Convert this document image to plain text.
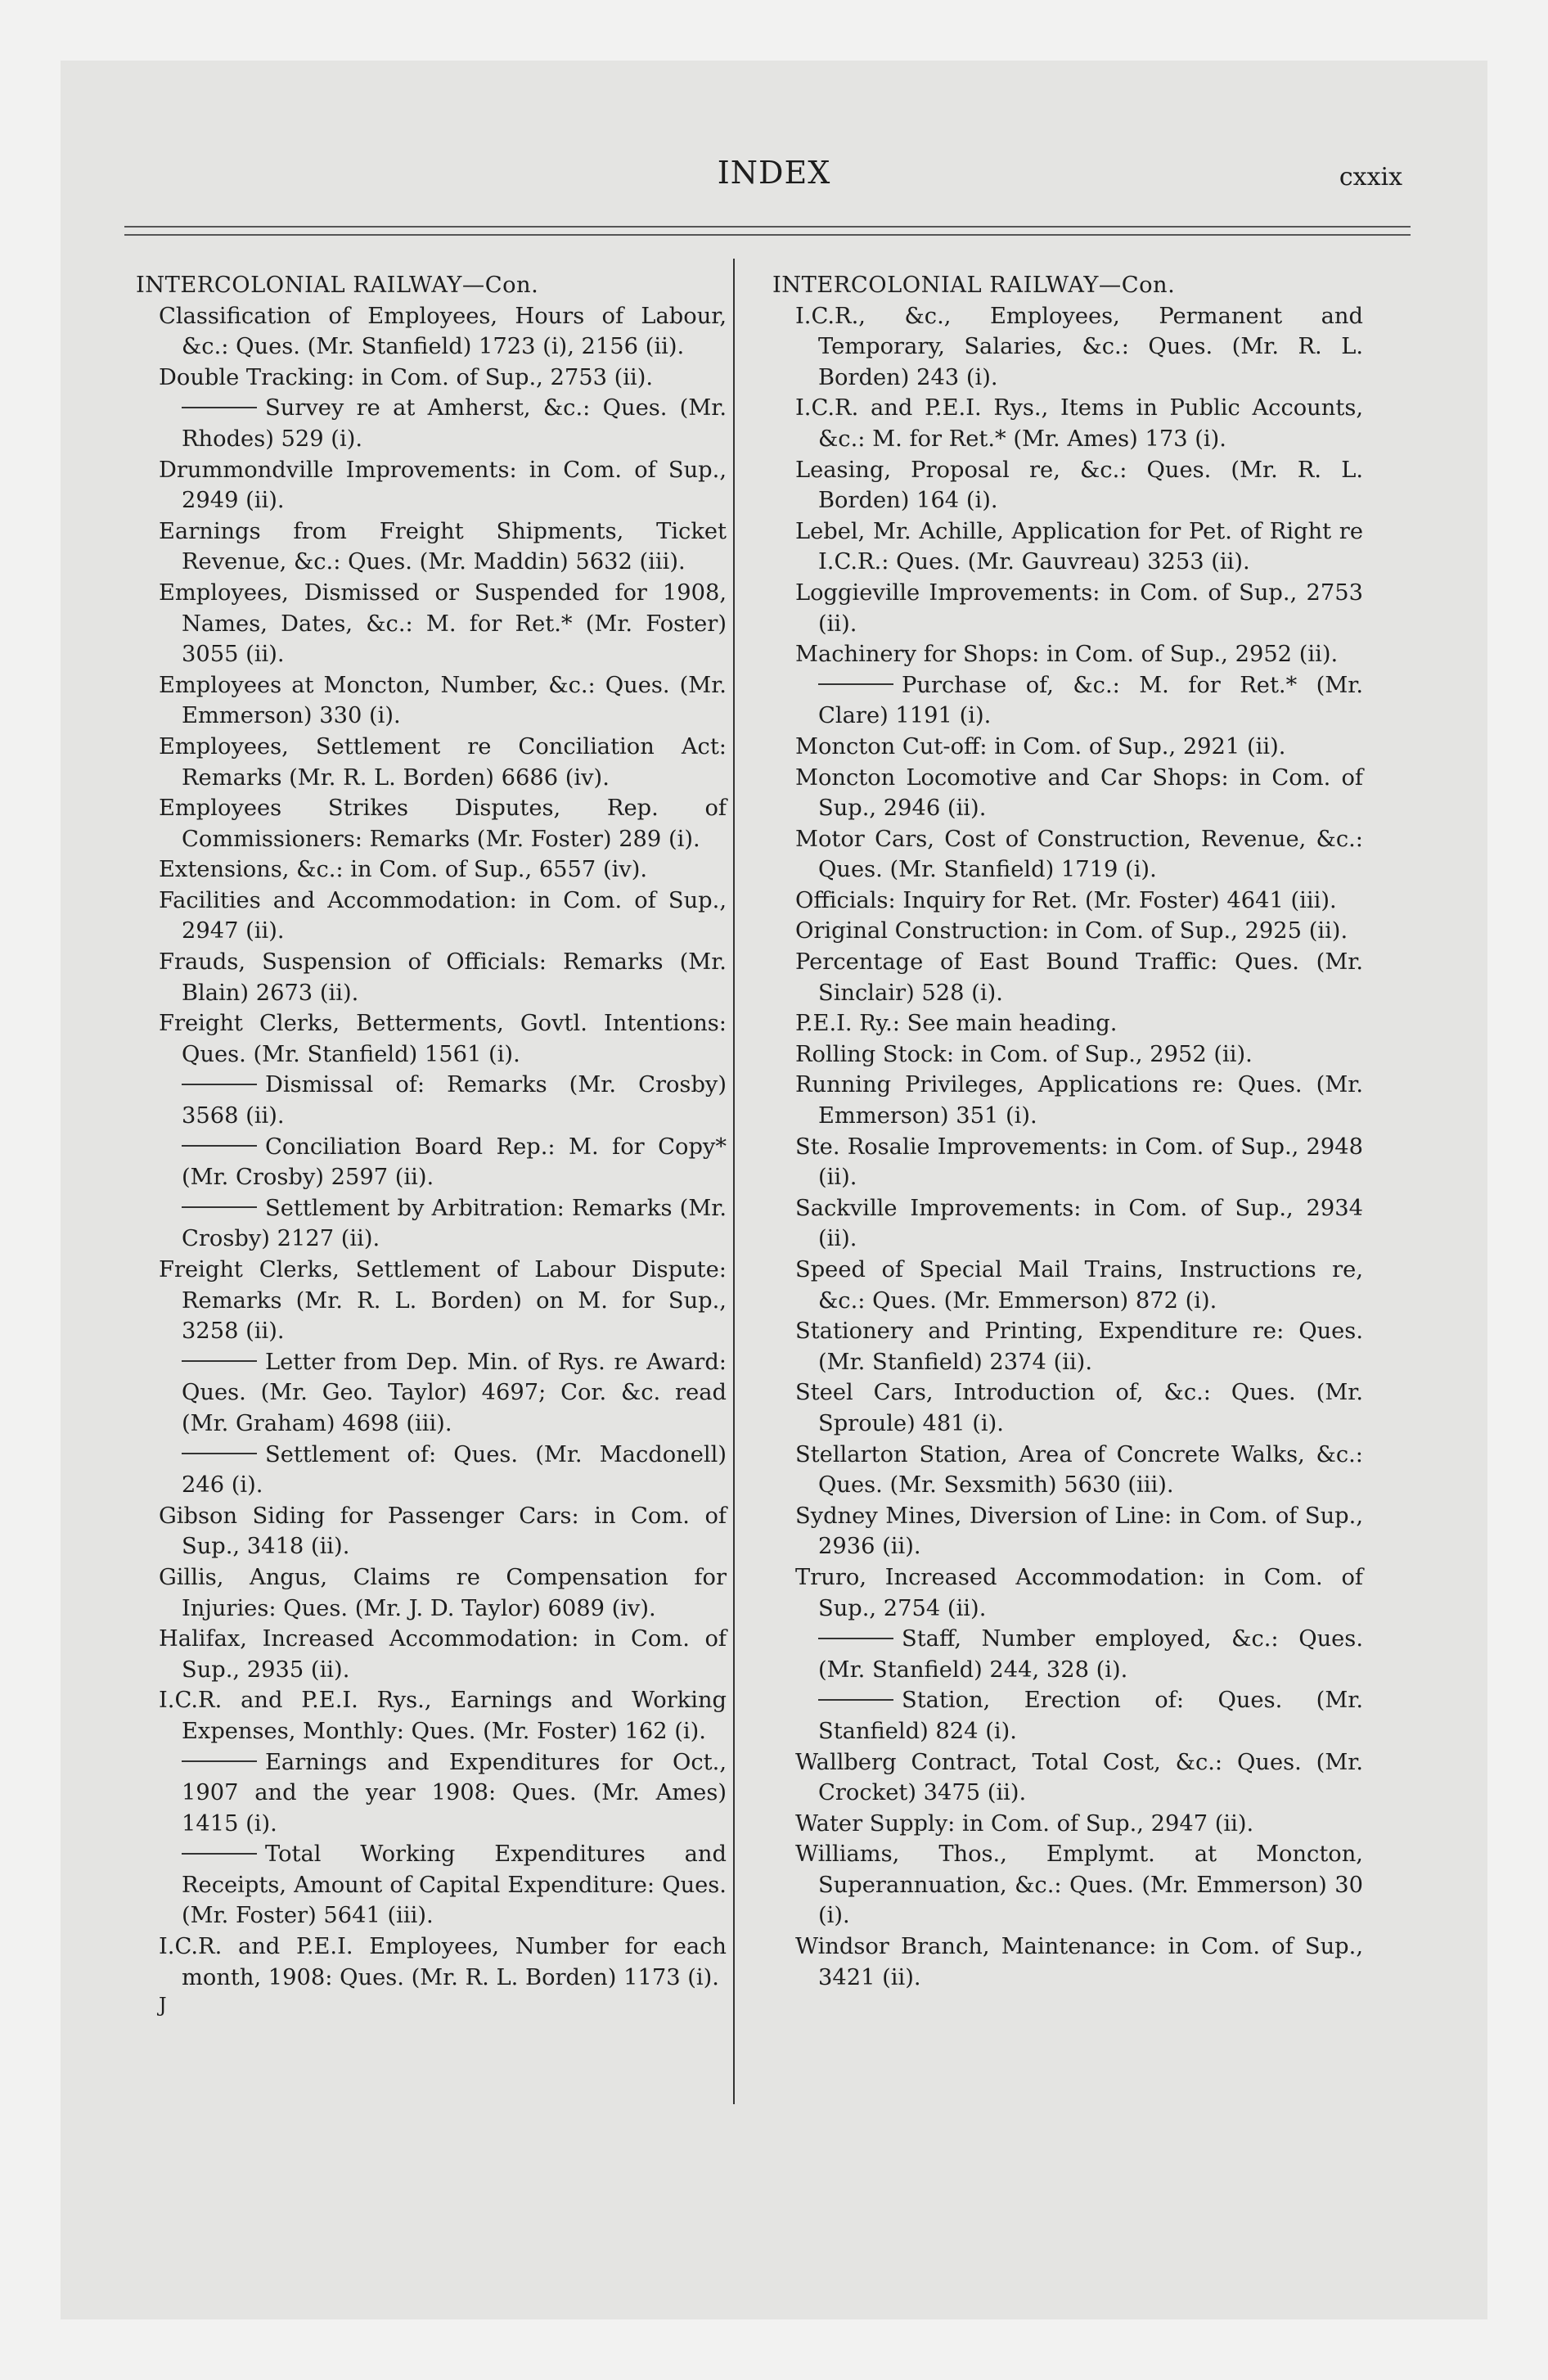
INDEX	cxxix
INTERCOLONIAL RAILWAY—Con.
Classification of Employees, Hours of Labour, &c.: Ques. (Mr. Stanfield) 1723 (i), 2156 (ii).
Double Tracking: in Com. of Sup., 2753 (ii).
Survey re at Amherst, &c.: Ques. (Mr. Rhodes) 529 (i).
Drummondville Improvements: in Com. of Sup., 2949 (ii).
Earnings from Freight Shipments, Ticket Revenue, &c.: Ques. (Mr. Maddin) 5632 (iii).
Employees, Dismissed or Suspended for 1908, Names, Dates, &c.: M. for Ret.* (Mr. Foster) 3055 (ii).
Employees at Moncton, Number, &c.: Ques. (Mr. Emmerson) 330 (i).
Employees, Settlement re Conciliation Act: Remarks (Mr. R. L. Borden) 6686 (iv).
Employees Strikes Disputes, Rep. of Commissioners: Remarks (Mr. Foster) 289 (i).
Extensions, &c.: in Com. of Sup., 6557 (iv).
Facilities and Accommodation: in Com. of Sup., 2947 (ii).
Frauds, Suspension of Officials: Remarks (Mr. Blain) 2673 (ii).
Freight Clerks, Betterments, Govtl. Intentions: Ques. (Mr. Stanfield) 1561 (i).
Dismissal of: Remarks (Mr. Crosby) 3568 (ii).
Conciliation Board Rep.: M. for Copy* (Mr. Crosby) 2597 (ii).
Settlement by Arbitration: Remarks (Mr. Crosby) 2127 (ii).
Freight Clerks, Settlement of Labour Dispute: Remarks (Mr. R. L. Borden) on M. for Sup., 3258 (ii).
Letter from Dep. Min. of Rys. re Award: Ques. (Mr. Geo. Taylor) 4697; Cor. &c. read (Mr. Graham) 4698 (iii).
Settlement of: Ques. (Mr. Macdonell) 246 (i).
Gibson Siding for Passenger Cars: in Com. of Sup., 3418 (ii).
Gillis, Angus, Claims re Compensation for Injuries: Ques. (Mr. J. D. Taylor) 6089 (iv).
Halifax, Increased Accommodation: in Com. of Sup., 2935 (ii).
I.C.R. and P.E.I. Rys., Earnings and Working Expenses, Monthly: Ques. (Mr. Foster) 162 (i).
Earnings and Expenditures for Oct., 1907 and the year 1908: Ques. (Mr. Ames) 1415 (i).
Total Working Expenditures and Receipts, Amount of Capital Expenditure: Ques. (Mr. Foster) 5641 (iii).
I.C.R. and P.E.I. Employees, Number for each month, 1908: Ques. (Mr. R. L. Borden) 1173 (i).
J
INTERCOLONIAL RAILWAY—Con.
I.C.R., &c., Employees, Permanent and Temporary, Salaries, &c.: Ques. (Mr. R. L. Borden) 243 (i).
I.C.R. and P.E.I. Rys., Items in Public Accounts, &c.: M. for Ret.* (Mr. Ames) 173 (i).
Leasing, Proposal re, &c.: Ques. (Mr. R. L. Borden) 164 (i).
Lebel, Mr. Achille, Application for Pet. of Right re I.C.R.: Ques. (Mr. Gauvreau) 3253 (ii).
Loggieville Improvements: in Com. of Sup., 2753 (ii).
Machinery for Shops: in Com. of Sup., 2952 (ii).
Purchase of, &c.: M. for Ret.* (Mr. Clare) 1191 (i).
Moncton Cut-off: in Com. of Sup., 2921 (ii).
Moncton Locomotive and Car Shops: in Com. of Sup., 2946 (ii).
Motor Cars, Cost of Construction, Revenue, &c.: Ques. (Mr. Stanfield) 1719 (i).
Officials: Inquiry for Ret. (Mr. Foster) 4641 (iii).
Original Construction: in Com. of Sup., 2925 (ii).
Percentage of East Bound Traffic: Ques. (Mr. Sinclair) 528 (i).
P.E.I. Ry.: See main heading.
Rolling Stock: in Com. of Sup., 2952 (ii).
Running Privileges, Applications re: Ques. (Mr. Emmerson) 351 (i).
Ste. Rosalie Improvements: in Com. of Sup., 2948 (ii).
Sackville Improvements: in Com. of Sup., 2934 (ii).
Speed of Special Mail Trains, Instructions re, &c.: Ques. (Mr. Emmerson) 872 (i).
Stationery and Printing, Expenditure re: Ques. (Mr. Stanfield) 2374 (ii).
Steel Cars, Introduction of, &c.: Ques. (Mr. Sproule) 481 (i).
Stellarton Station, Area of Concrete Walks, &c.: Ques. (Mr. Sexsmith) 5630 (iii).
Sydney Mines, Diversion of Line: in Com. of Sup., 2936 (ii).
Truro, Increased Accommodation: in Com. of Sup., 2754 (ii).
Staff, Number employed, &c.: Ques. (Mr. Stanfield) 244, 328 (i).
Station, Erection of: Ques. (Mr. Stanfield) 824 (i).
Wallberg Contract, Total Cost, &c.: Ques. (Mr. Crocket) 3475 (ii).
Water Supply: in Com. of Sup., 2947 (ii).
Williams, Thos., Emplymt. at Moncton, Superannuation, &c.: Ques. (Mr. Emmerson) 30 (i).
Windsor Branch, Maintenance: in Com. of Sup., 3421 (ii).
